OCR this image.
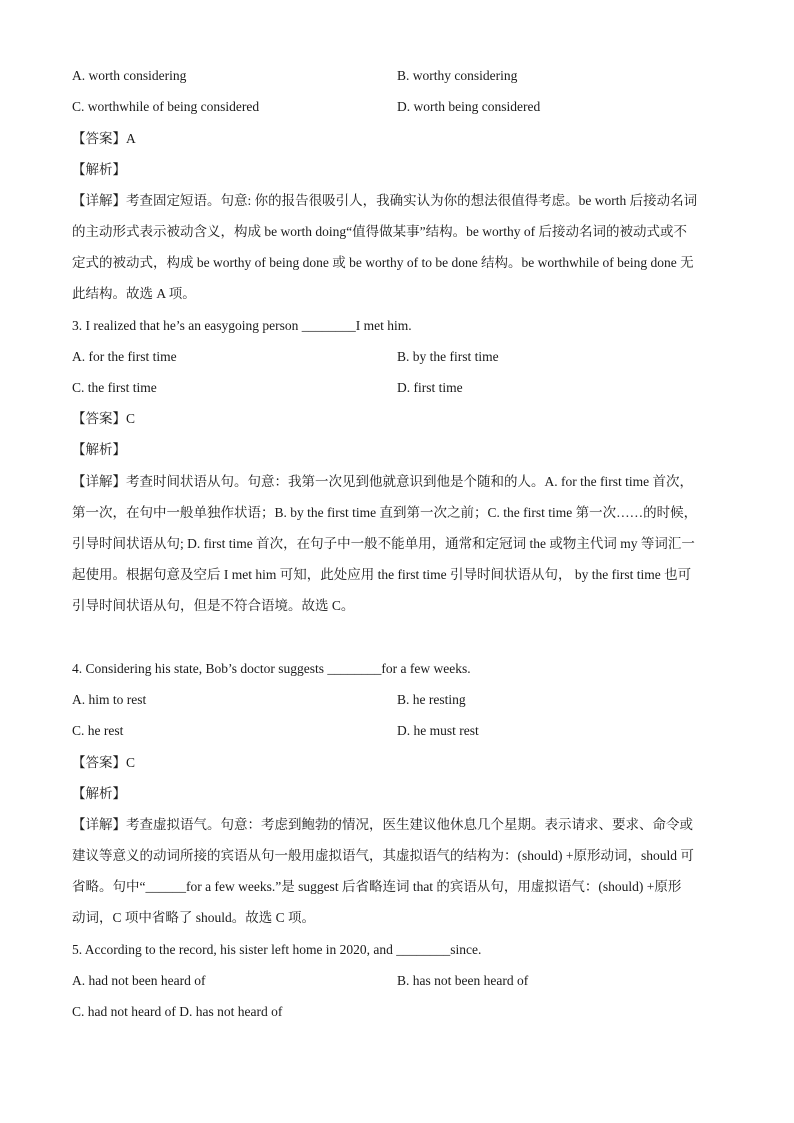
A. worth considering	B. worthy considering
C. worthwhile of being considered	D. worth being considered
【答案】A
【解析】
【详解】考查固定短语。句意: 你的报告很吸引人，我确实认为你的想法很值得考虑。be worth 后接动名词
的主动形式表示被动含义，构成 be worth doing“值得做某事”结构。be worthy of 后接动名词的被动式或不
定式的被动式，构成 be worthy of being done 或 be worthy of to be done 结构。be worthwhile of being done 无
此结构。故选 A 项。
3. I realized that he’s an easygoing person ________I met him.
A. for the first time	B. by the first time
C. the first time	D. first time
【答案】C
【解析】
【详解】考查时间状语从句。句意：我第一次见到他就意识到他是个随和的人。A. for the first time 首次，
第一次，在句中一般单独作状语；B. by the first time 直到第一次之前；C. the first time 第一次……的时候，
引导时间状语从句; D. first time 首次，在句子中一般不能单用，通常和定冠词 the 或物主代词 my 等词汇一
起使用。根据句意及空后 I met him 可知，此处应用 the first time 引导时间状语从句， by the first time 也可
引导时间状语从句，但是不符合语境。故选 C。
4. Considering his state, Bob’s doctor suggests ________for a few weeks.
A. him to rest	B. he resting
C. he rest	D. he must rest
【答案】C
【解析】
【详解】考查虚拟语气。句意：考虑到鲍勃的情况，医生建议他休息几个星期。表示请求、要求、命令或
建议等意义的动词所接的宾语从句一般用虚拟语气，其虚拟语气的结构为：(should) +原形动词，should 可
省略。句中“______for a few weeks.”是 suggest 后省略连词 that 的宾语从句，用虚拟语气：(should) +原形
动词，C 项中省略了 should。故选 C 项。
5. According to the record, his sister left home in 2020, and ________since.
A. had not been heard of	B. has not been heard of
C. had not heard of D. has not heard of
